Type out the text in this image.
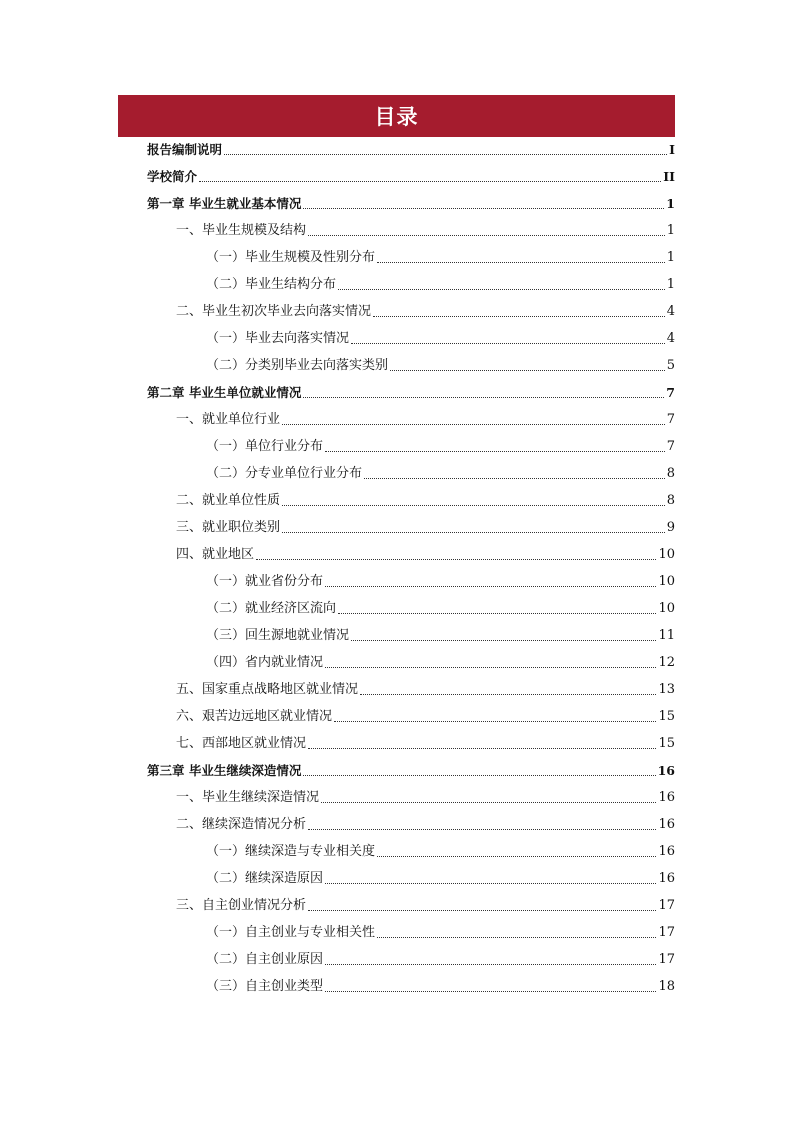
目录
报告编制说明	I
学校简介	II
第一章 毕业生就业基本情况	1
一、毕业生规模及结构	1
（一）毕业生规模及性别分布	1
（二）毕业生结构分布	1
二、毕业生初次毕业去向落实情况	4
（一）毕业去向落实情况	4
（二）分类别毕业去向落实类别	5
第二章 毕业生单位就业情况	7
一、就业单位行业	7
（一）单位行业分布	7
（二）分专业单位行业分布	8
二、就业单位性质	8
三、就业职位类别	9
四、就业地区	10
（一）就业省份分布	10
（二）就业经济区流向	10
（三）回生源地就业情况	11
（四）省内就业情况	12
五、国家重点战略地区就业情况	13
六、艰苦边远地区就业情况	15
七、西部地区就业情况	15
第三章 毕业生继续深造情况	16
一、毕业生继续深造情况	16
二、继续深造情况分析	16
（一）继续深造与专业相关度	16
（二）继续深造原因	16
三、自主创业情况分析	17
（一）自主创业与专业相关性	17
（二）自主创业原因	17
（三）自主创业类型	18
